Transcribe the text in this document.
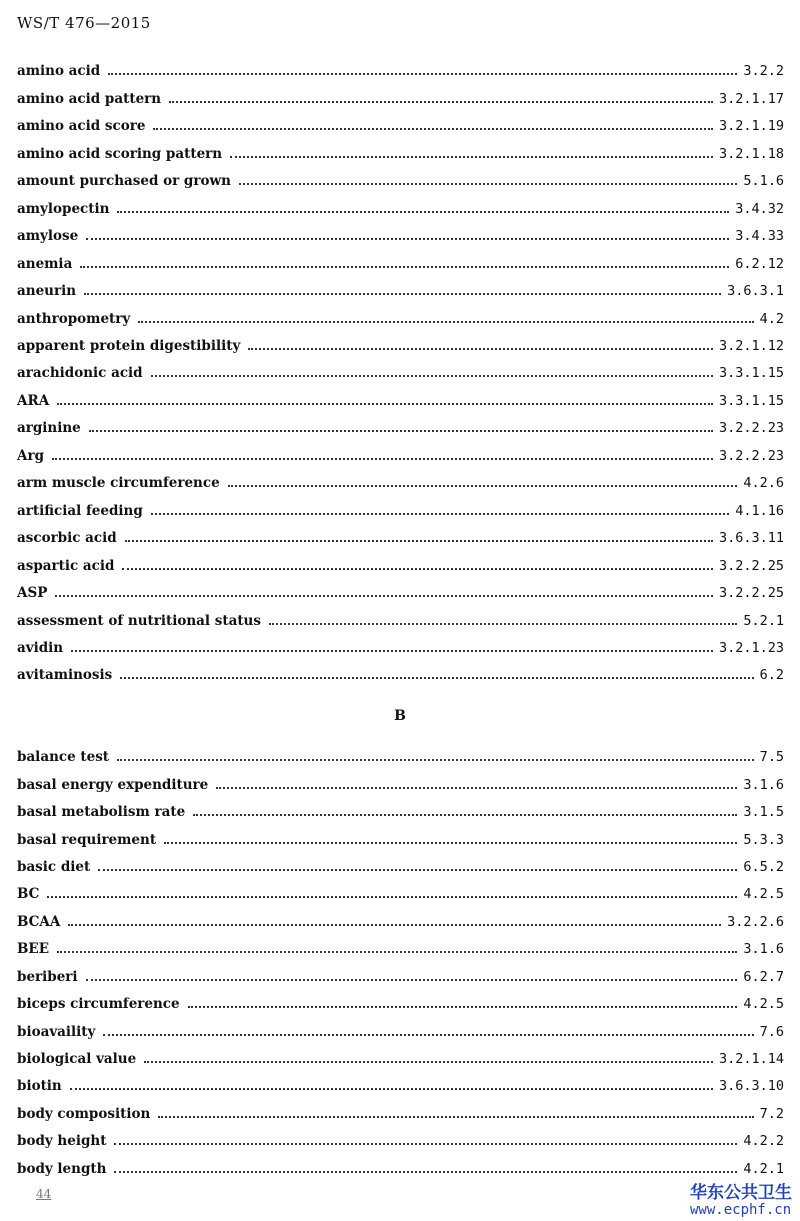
WS/T 476—2015
amino acid	3.2.2
amino acid pattern	3.2.1.17
amino acid score	3.2.1.19
amino acid scoring pattern	3.2.1.18
amount purchased or grown	5.1.6
amylopectin	3.4.32
amylose	3.4.33
anemia	6.2.12
aneurin	3.6.3.1
anthropometry	4.2
apparent protein digestibility	3.2.1.12
arachidonic acid	3.3.1.15
ARA	3.3.1.15
arginine	3.2.2.23
Arg	3.2.2.23
arm muscle circumference	4.2.6
artificial feeding	4.1.16
ascorbic acid	3.6.3.11
aspartic acid	3.2.2.25
ASP	3.2.2.25
assessment of nutritional status	5.2.1
avidin	3.2.1.23
avitaminosis	6.2
B
balance test	7.5
basal energy expenditure	3.1.6
basal metabolism rate	3.1.5
basal requirement	5.3.3
basic diet	6.5.2
BC	4.2.5
BCAA	3.2.2.6
BEE	3.1.6
beriberi	6.2.7
biceps circumference	4.2.5
bioavaility	7.6
biological value	3.2.1.14
biotin	3.6.3.10
body composition	7.2
body height	4.2.2
body length	4.2.1
44	华东公共卫生
www.ecphf.cn
